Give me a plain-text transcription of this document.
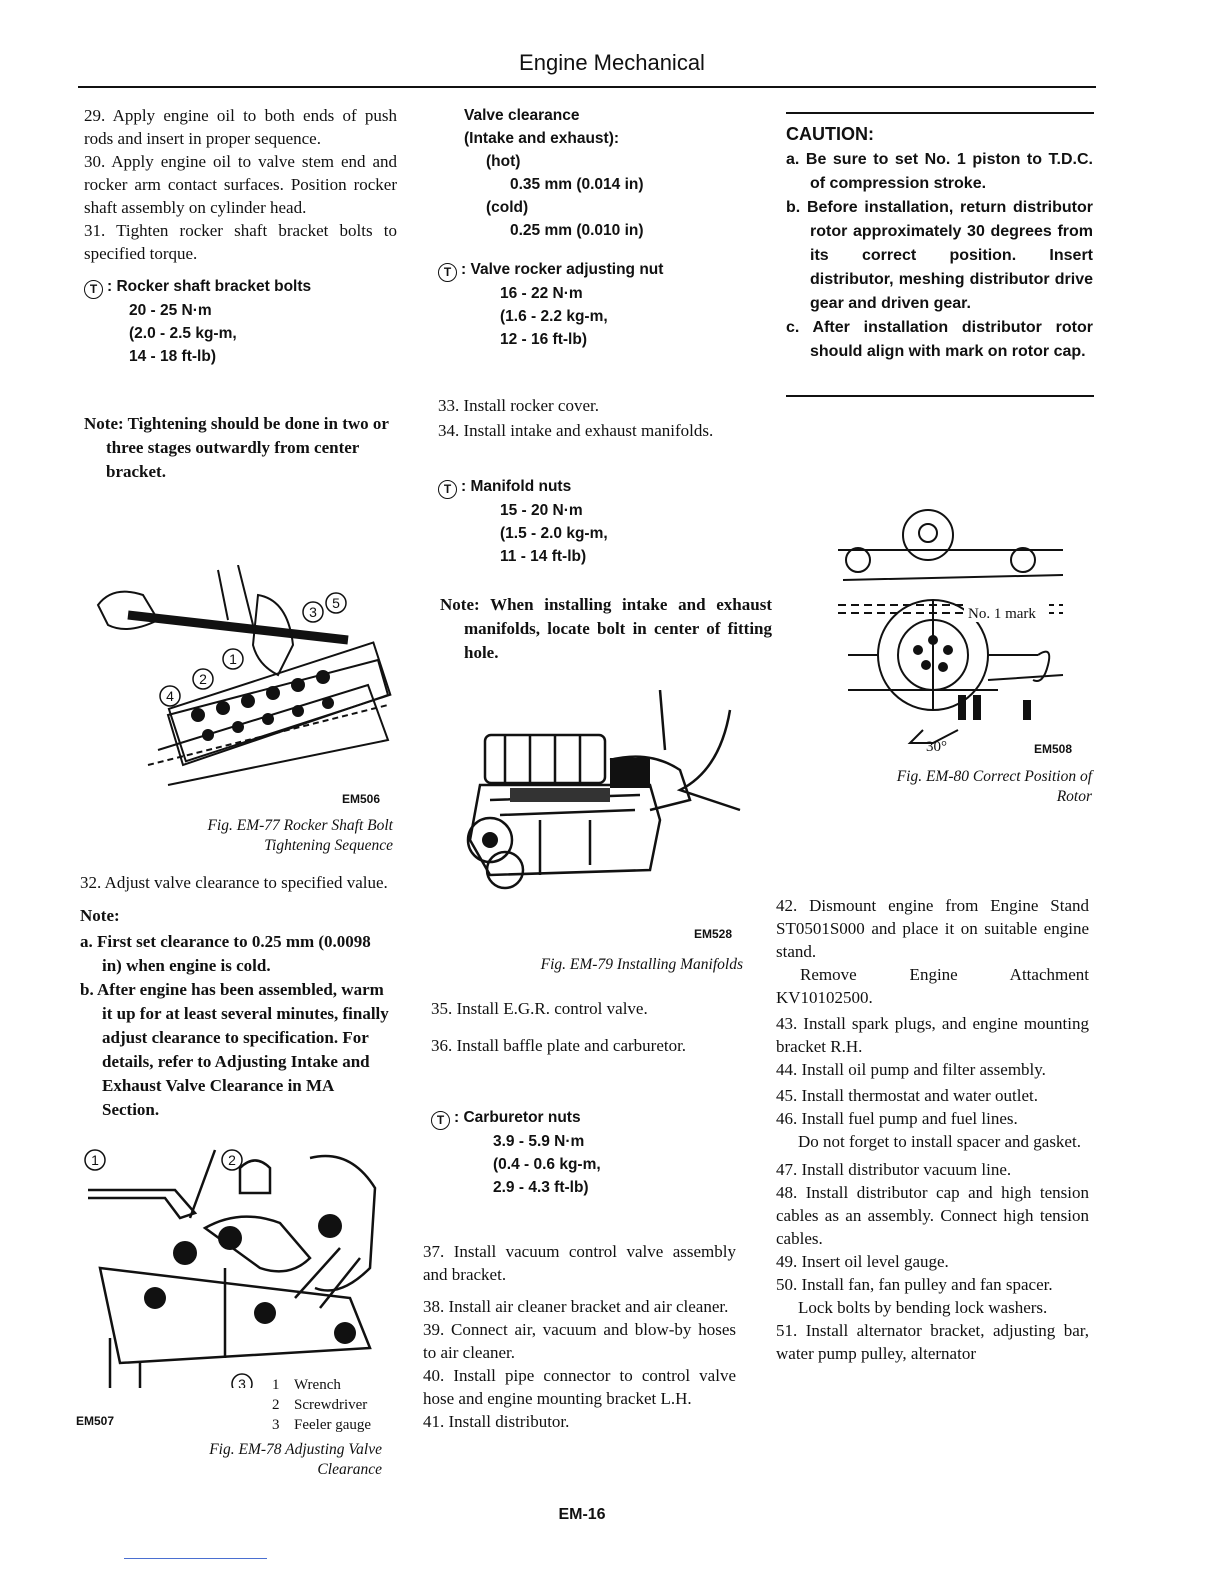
Engine Mechanical

29. Apply engine oil to both ends of push rods and insert in proper sequence.

30. Apply engine oil to valve stem end and rocker arm contact surfaces. Position rocker shaft assembly on cylinder head.

31. Tighten rocker shaft bracket bolts to specified torque.

T : Rocker shaft bracket bolts
20 - 25 N·m
(2.0 - 2.5 kg-m,
14 - 18 ft-lb)

Note: Tightening should be done in two or three stages outwardly from center bracket.

1
2
3
4
5
EM506
Fig. EM-77 Rocker Shaft Bolt
Tightening Sequence

32. Adjust valve clearance to specified value.

Note:

a. First set clearance to 0.25 mm (0.0098 in) when engine is cold.

b. After engine has been assembled, warm it up for at least several minutes, finally adjust clearance to specification. For details, refer to Adjusting Intake and Exhaust Valve Clearance in MA Section.

1	2
3 1 Wrench
2 Screwdriver
3 Feeler gauge
EM507
Fig. EM-78 Adjusting Valve
Clearance
Valve clearance
(Intake and exhaust):
(hot)
0.35 mm (0.014 in)
(cold)
0.25 mm (0.010 in)
T : Valve rocker adjusting nut
16 - 22 N·m
(1.6 - 2.2 kg-m,
12 - 16 ft-lb)

33. Install rocker cover.

34. Install intake and exhaust manifolds.

T : Manifold nuts
15 - 20 N·m
(1.5 - 2.0 kg-m,
11 - 14 ft-lb)

Note: When installing intake and exhaust manifolds, locate bolt in center of fitting hole.

EM528
Fig. EM-79 Installing Manifolds

35. Install E.G.R. control valve.

36. Install baffle plate and carburetor.

T : Carburetor nuts
3.9 - 5.9 N·m
(0.4 - 0.6 kg-m,
2.9 - 4.3 ft-lb)

37. Install vacuum control valve assembly and bracket.

38. Install air cleaner bracket and air cleaner.

39. Connect air, vacuum and blow-by hoses to air cleaner.

40. Install pipe connector to control valve hose and engine mounting bracket L.H.

41. Install distributor.

CAUTION:

a. Be sure to set No. 1 piston to T.D.C. of compression stroke.

b. Before installation, return distributor rotor approximately 30 degrees from its correct position. Insert distributor, meshing distributor drive gear and driven gear.

c. After installation distributor rotor should align with mark on rotor cap.

No. 1 mark
30°	EM508
Fig. EM-80 Correct Position of
Rotor

42. Dismount engine from Engine Stand ST0501S000 and place it on suitable engine stand.

Remove Engine Attachment KV10102500.

43. Install spark plugs, and engine mounting bracket R.H.

44. Install oil pump and filter assembly.

45. Install thermostat and water outlet.

46. Install fuel pump and fuel lines.

Do not forget to install spacer and gasket.

47. Install distributor vacuum line.

48. Install distributor cap and high tension cables as an assembly. Connect high tension cables.

49. Insert oil level gauge.

50. Install fan, fan pulley and fan spacer.

Lock bolts by bending lock washers.

51. Install alternator bracket, adjusting bar, water pump pulley, alternator

EM-16
